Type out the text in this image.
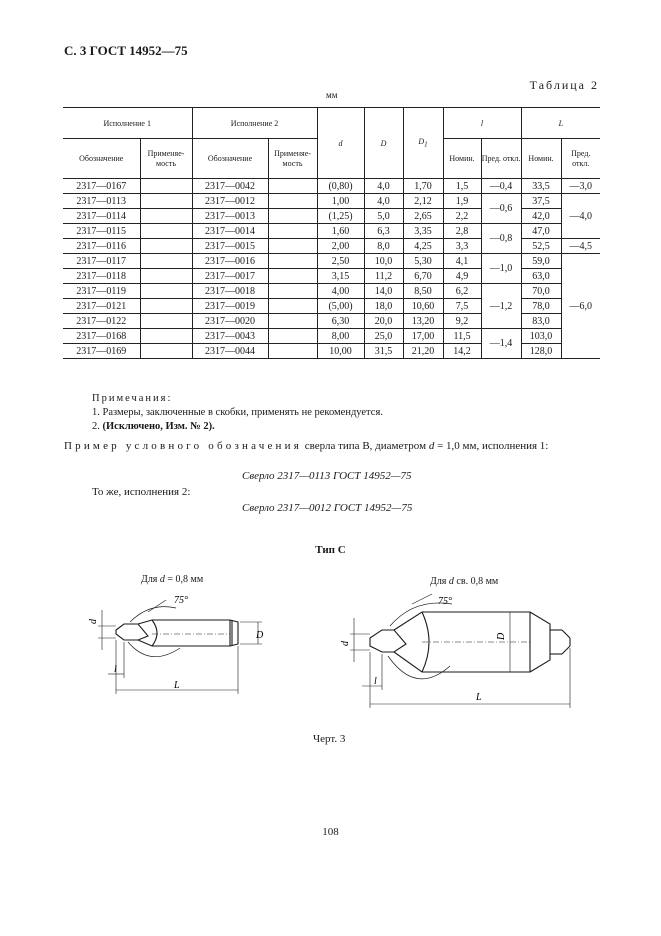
С. 3 ГОСТ 14952—75
Таблица 2
мм
Исполнение 1		Исполнение 2		d	D	$D_1$	l		L	
Обозначение	Применяе-мость	Обозначение	Применяе-мость				Номин.	Пред. откл.	Номин.	Пред. откл.
2317—0167		2317—0042		(0,80)	4,0	1,70	1,5	—0,4	33,5	—3,0
2317—0113		2317—0012		1,00	4,0	2,12	1,9	—0,6	37,5	—4,0
2317—0114		2317—0013		(1,25)	5,0	2,65	2,2		42,0	
2317—0115		2317—0014		1,60	6,3	3,35	2,8	—0,8	47,0	
2317—0116		2317—0015		2,00	8,0	4,25	3,3		52,5	—4,5
2317—0117		2317—0016		2,50	10,0	5,30	4,1	—1,0	59,0	—6,0
2317—0118		2317—0017		3,15	11,2	6,70	4,9		63,0	
2317—0119		2317—0018		4,00	14,0	8,50	6,2	—1,2	70,0	
2317—0121		2317—0019		(5,00)	18,0	10,60	7,5		78,0	
2317—0122		2317—0020		6,30	20,0	13,20	9,2		83,0	
2317—0168		2317—0043		8,00	25,0	17,00	11,5	—1,4	103,0	
2317—0169		2317—0044		10,00	31,5	21,20	14,2		128,0	
Примечания:
1. Размеры, заключенные в скобки, применять не рекомендуется.
2. (Исключено, Изм. № 2).
Пример условного обозначения сверла типа В, диаметром d = 1,0 мм, исполнения 1:
Сверло 2317—0113 ГОСТ 14952—75
То же, исполнения 2:
Сверло 2317—0012 ГОСТ 14952—75
Тип С
Для d = 0,8 мм	Для d св. 0,8 мм
d
75°
D
l
L
d
75°
D
l
L
Черт. 3
108
